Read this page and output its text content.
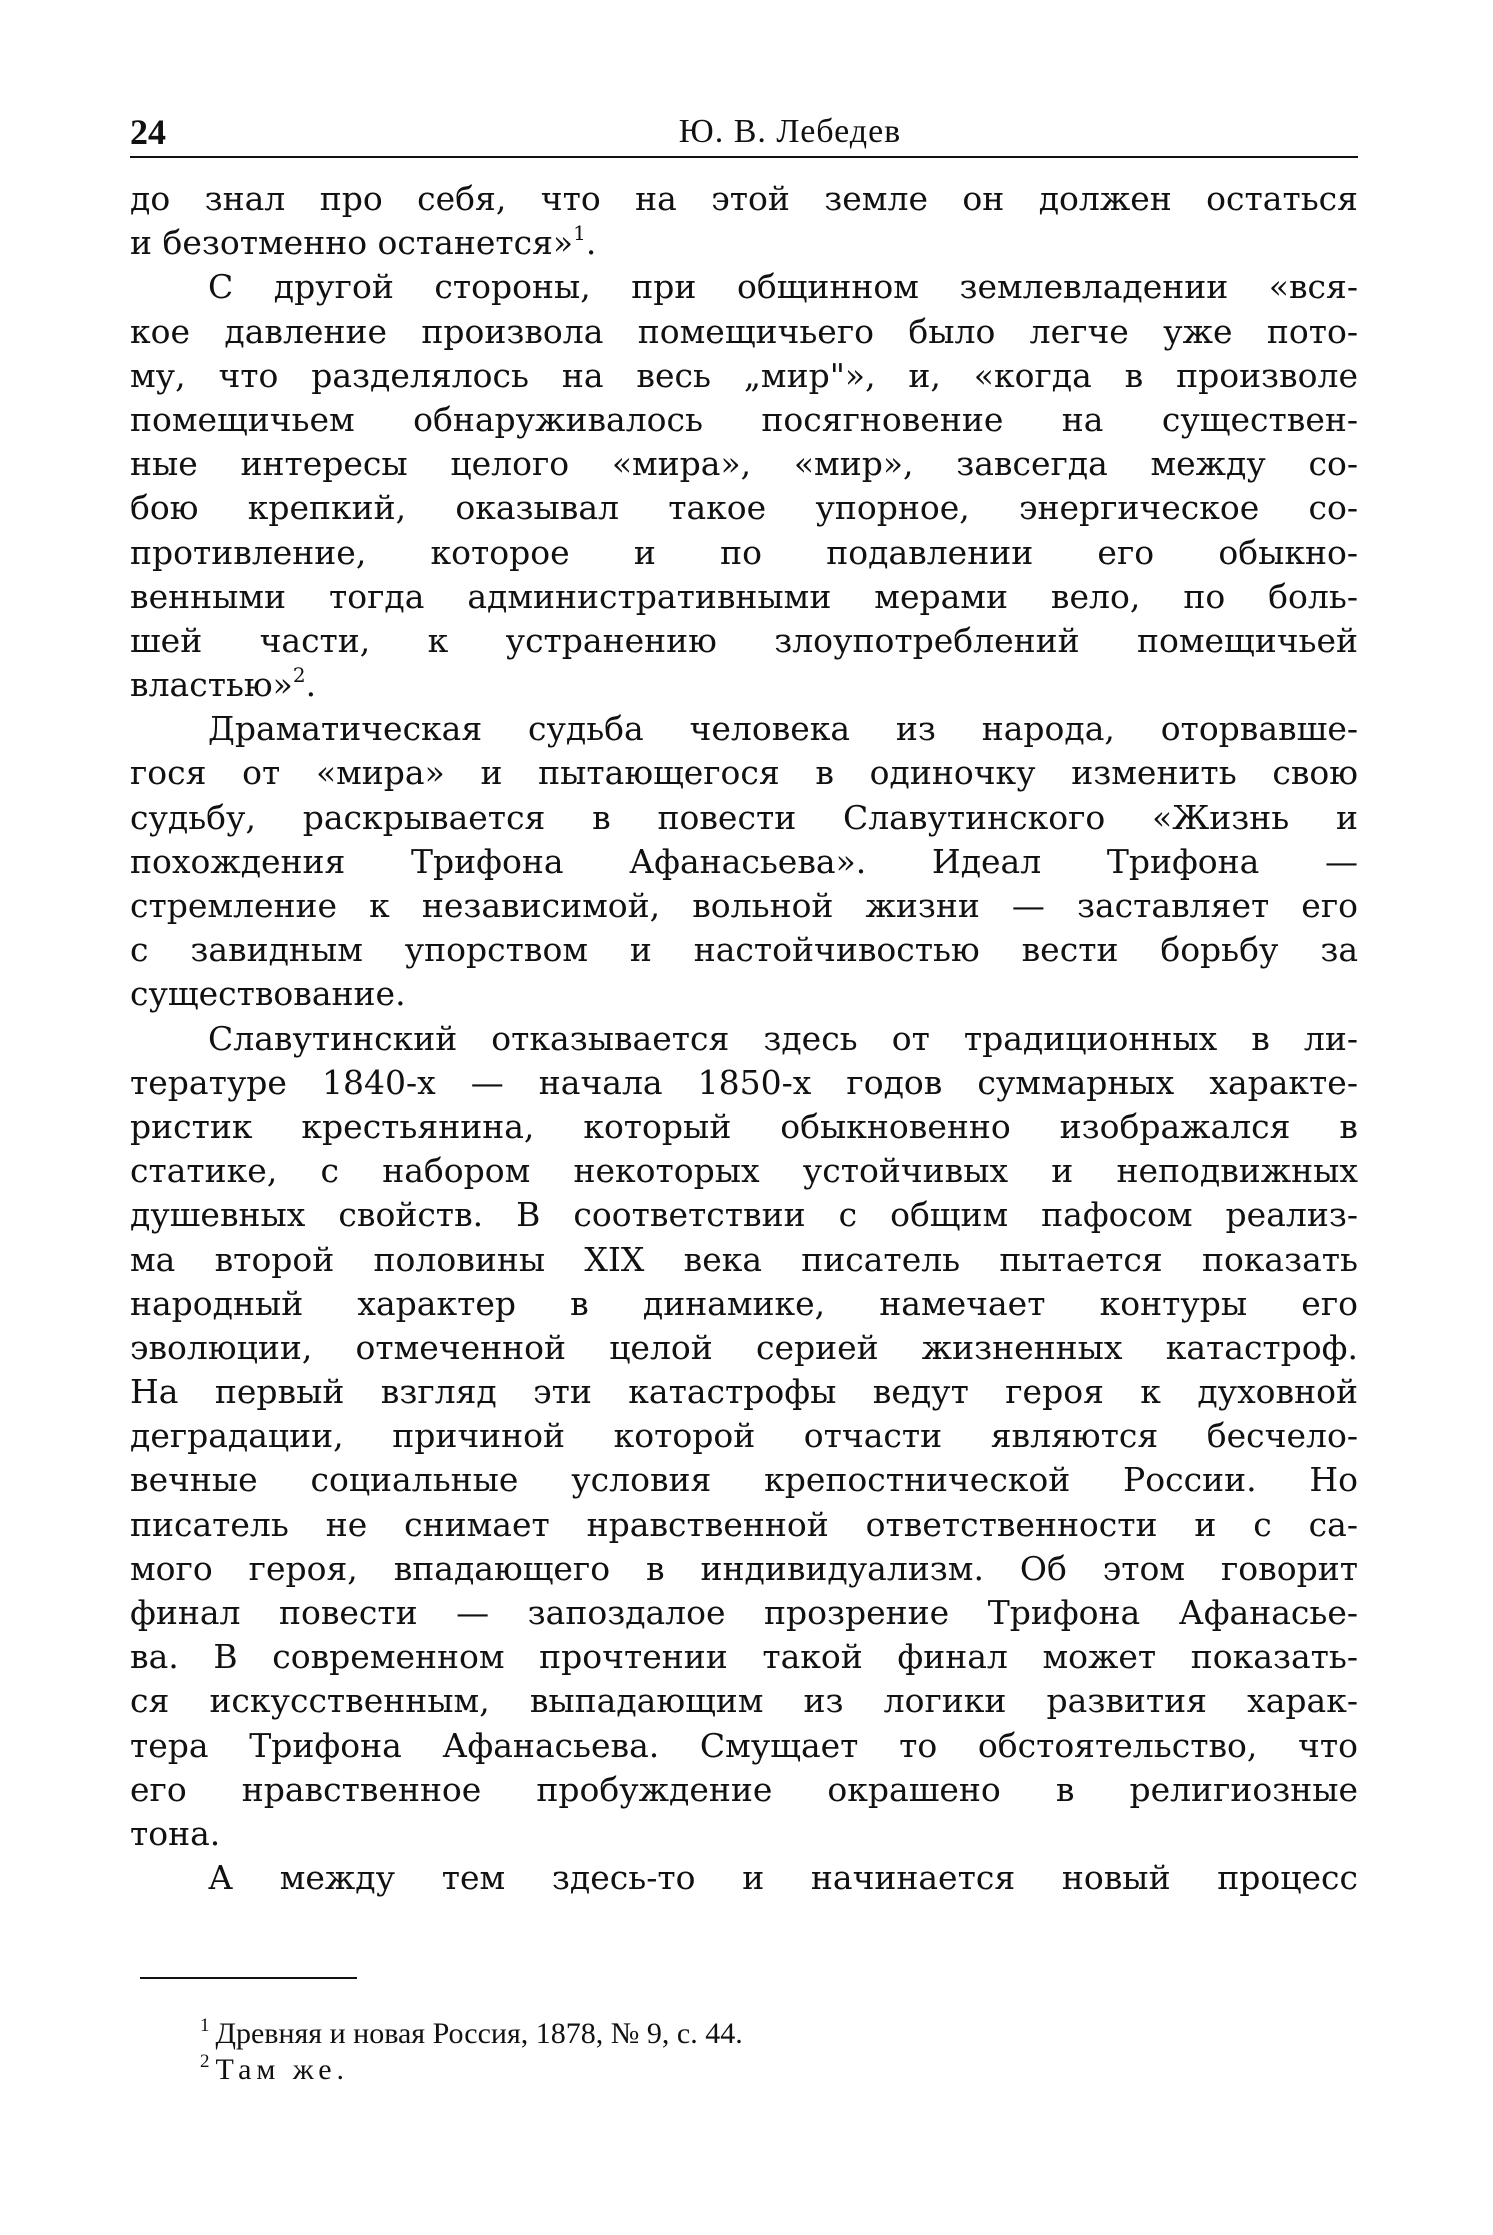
24	Ю. В. Лебедев
до знал про себя, что на этой земле он должен остаться
и безотменно останется»$^1$.
С другой стороны, при общинном землевладении «вся-
кое давление произвола помещичьего было легче уже пото-
му, что разделялось на весь „мир"», и, «когда в произволе
помещичьем обнаруживалось посягновение на существен-
ные интересы целого «мира», «мир», завсегда между со-
бою крепкий, оказывал такое упорное, энергическое со-
противление, которое и по подавлении его обыкно-
венными тогда административными мерами вело, по боль-
шей части, к устранению злоупотреблений помещичьей
властью»$^2$.
Драматическая судьба человека из народа, оторвавше-
гося от «мира» и пытающегося в одиночку изменить свою
судьбу, раскрывается в повести Славутинского «Жизнь и
похождения Трифона Афанасьева». Идеал Трифона —
стремление к независимой, вольной жизни — заставляет его
с завидным упорством и настойчивостью вести борьбу за
существование.
Славутинский отказывается здесь от традиционных в ли-
тературе 1840-х — начала 1850-х годов суммарных характе-
ристик крестьянина, который обыкновенно изображался в
статике, с набором некоторых устойчивых и неподвижных
душевных свойств. В соответствии с общим пафосом реализ-
ма второй половины XIX века писатель пытается показать
народный характер в динамике, намечает контуры его
эволюции, отмеченной целой серией жизненных катастроф.
На первый взгляд эти катастрофы ведут героя к духовной
деградации, причиной которой отчасти являются бесчело-
вечные социальные условия крепостнической России. Но
писатель не снимает нравственной ответственности и с са-
мого героя, впадающего в индивидуализм. Об этом говорит
финал повести — запоздалое прозрение Трифона Афанасье-
ва. В современном прочтении такой финал может показать-
ся искусственным, выпадающим из логики развития харак-
тера Трифона Афанасьева. Смущает то обстоятельство, что
его нравственное пробуждение окрашено в религиозные
тона.
А между тем здесь-то и начинается новый процесс
$^1$ Древняя и новая Россия, 1878, № 9, с. 44.
$^2$ Там же.
